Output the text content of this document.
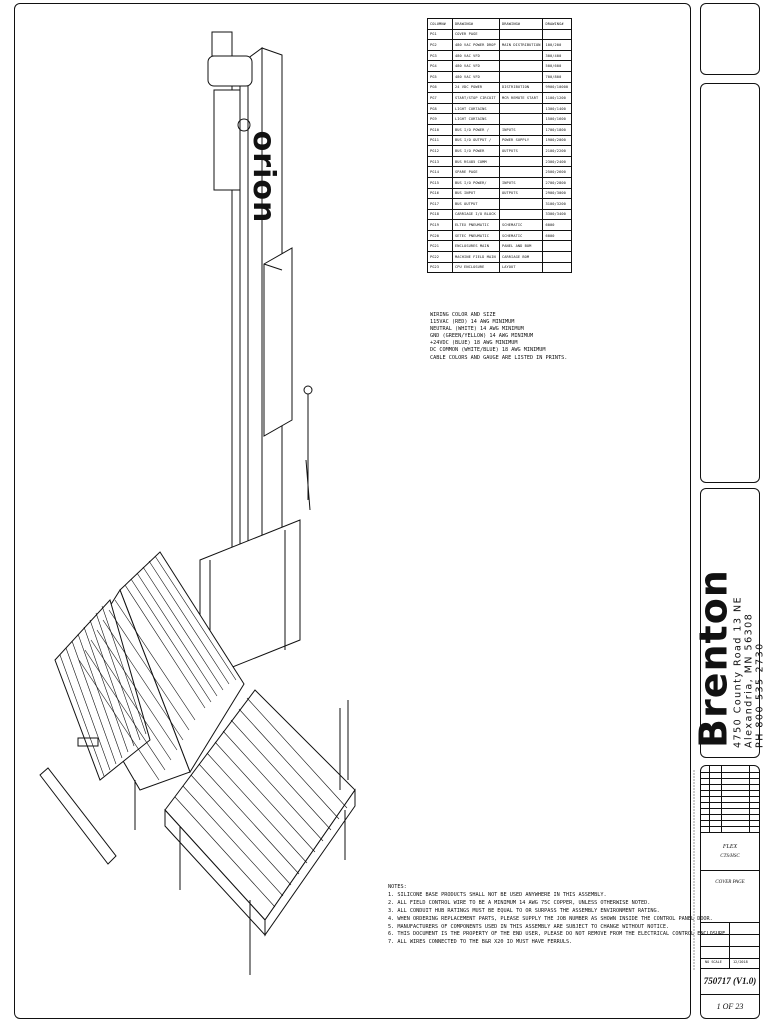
orion
COLUMN#	DRAWING#	DRAWING#	DRAWING#
PG1	COVER PAGE		
PG2	480 VAC POWER DROP	MAIN DISTRIBUTION	100/200
PG3	480 VAC VFD		300/400
PG4	480 VAC VFD		500/600
PG5	480 VAC VFD		700/800
PG6	24 VDC POWER	DISTRIBUTION	9900/10000
PG7	START/STOP CIRCUIT	MCR REMOTE START	1100/1200
PG8	LIGHT CURTAINS		1300/1400
PG9	LIGHT CURTAINS		1500/1600
PG10	BUS I/O POWER /	INPUTS	1700/1800
PG11	BUS I/O OUTPUT /	POWER SUPPLY	1900/2000
PG12	BUS I/O POWER	OUTPUTS	2100/2200
PG13	BUS RS485 COMM		2300/2400
PG14	SPARE PAGE		2500/2600
PG15	BUS I/O POWER/	INPUTS	2700/2800
PG16	BUS INPUT	OUTPUTS	2900/3000
PG17	BUS OUTPUT		3100/3200
PG18	CARRIAGE I/O BLOCK		3300/3400
PG19	ELTEX PNEUMATIC	SCHEMATIC	6000
PG20	SETEC PNEUMATIC	SCHEMATIC	6000
PG21	ENCLOSURES MAIN	PANEL AND BOM	
PG22	MACHINE FIELD MAIN	CARRIAGE BOM	
PG23	CPU ENCLOSURE	LAYOUT	
WIRING COLOR AND SIZE
115VAC (RED) 14 AWG MINIMUM
NEUTRAL (WHITE) 14 AWG MINIMUM
GND (GREEN/YELLOW) 14 AWG MINIMUM
+24VDC (BLUE) 18 AWG MINIMUM
DC COMMON (WHITE/BLUE) 18 AWG MINIMUM
CABLE COLORS AND GAUGE ARE LISTED IN PRINTS.
NOTES:
1. SILICONE BASE PRODUCTS SHALL NOT BE USED ANYWHERE IN THIS ASSEMBLY.
2. ALL FIELD CONTROL WIRE TO BE A MINIMUM 14 AWG 75C COPPER, UNLESS OTHERWISE NOTED.
3. ALL CONDUIT HUB RATINGS MUST BE EQUAL TO OR SURPASS THE ASSEMBLY ENVIRONMENT RATING.
4. WHEN ORDERING REPLACEMENT PARTS, PLEASE SUPPLY THE JOB NUMBER AS SHOWN INSIDE THE CONTROL PANEL DOOR.
5. MANUFACTURERS OF COMPONENTS USED IN THIS ASSEMBLY ARE SUBJECT TO CHANGE WITHOUT NOTICE.
6. THIS DOCUMENT IS THE PROPERTY OF THE END USER, PLEASE DO NOT REMOVE FROM THE ELECTRICAL CONTROL ENCLOSURE.
7. ALL WIRES CONNECTED TO THE B&R X20 IO MUST HAVE FERRULS.
Brenton
4750 County Road 13 NE Alexandria, MN 56308 PH 800-535-2730
FLEX
CTS/HSC
COVER PAGE
NO SCALE	12/2018
750717 (V1.0)
1 OF 23
